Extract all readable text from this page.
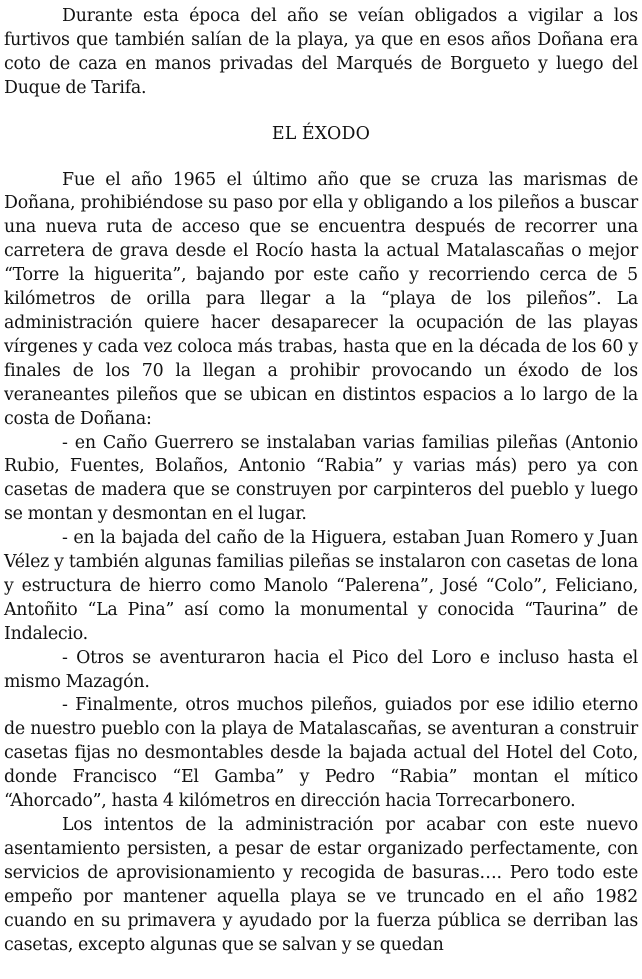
Durante esta época del año se veían obligados a vigilar a los furtivos que también salían de la playa, ya que en esos años Doñana era coto de caza en manos privadas del Marqués de Borgueto y luego del Duque de Tarifa.

EL ÉXODO

Fue el año 1965 el último año que se cruza las marismas de Doñana, prohibiéndose su paso por ella y obligando a los pileños a buscar una nueva ruta de acceso que se encuentra después de recorrer una carretera de grava desde el Rocío hasta la actual Matalascañas o mejor “Torre la higuerita”, bajando por este caño y recorriendo cerca de 5 kilómetros de orilla para llegar a la “playa de los pileños”. La administración quiere hacer desaparecer la ocupación de las playas vírgenes y cada vez coloca más trabas, hasta que en la década de los 60 y finales de los 70 la llegan a prohibir provocando un éxodo de los veraneantes pileños que se ubican en distintos espacios a lo largo de la costa de Doñana:

- en Caño Guerrero se instalaban varias familias pileñas (Antonio Rubio, Fuentes, Bolaños, Antonio “Rabia” y varias más) pero ya con casetas de madera que se construyen por carpinteros del pueblo y luego se montan y desmontan en el lugar.

- en la bajada del caño de la Higuera, estaban Juan Romero y Juan Vélez y también algunas familias pileñas se instalaron con casetas de lona y estructura de hierro como Manolo “Palerena”, José “Colo”, Feliciano, Antoñito “La Pina” así como la monumental y conocida “Taurina” de Indalecio.

- Otros se aventuraron hacia el Pico del Loro e incluso hasta el mismo Mazagón.

- Finalmente, otros muchos pileños, guiados por ese idilio eterno de nuestro pueblo con la playa de Matalascañas, se aventuran a construir casetas fijas no desmontables desde la bajada actual del Hotel del Coto, donde Francisco “El Gamba” y Pedro “Rabia” montan el mítico “Ahorcado”, hasta 4 kilómetros en dirección hacia Torrecarbonero.

Los intentos de la administración por acabar con este nuevo asentamiento persisten, a pesar de estar organizado perfectamente, con servicios de aprovisionamiento y recogida de basuras…. Pero todo este empeño por mantener aquella playa se ve truncado en el año 1982 cuando en su primavera y ayudado por la fuerza pública se derriban las casetas, excepto algunas que se salvan y se quedan
